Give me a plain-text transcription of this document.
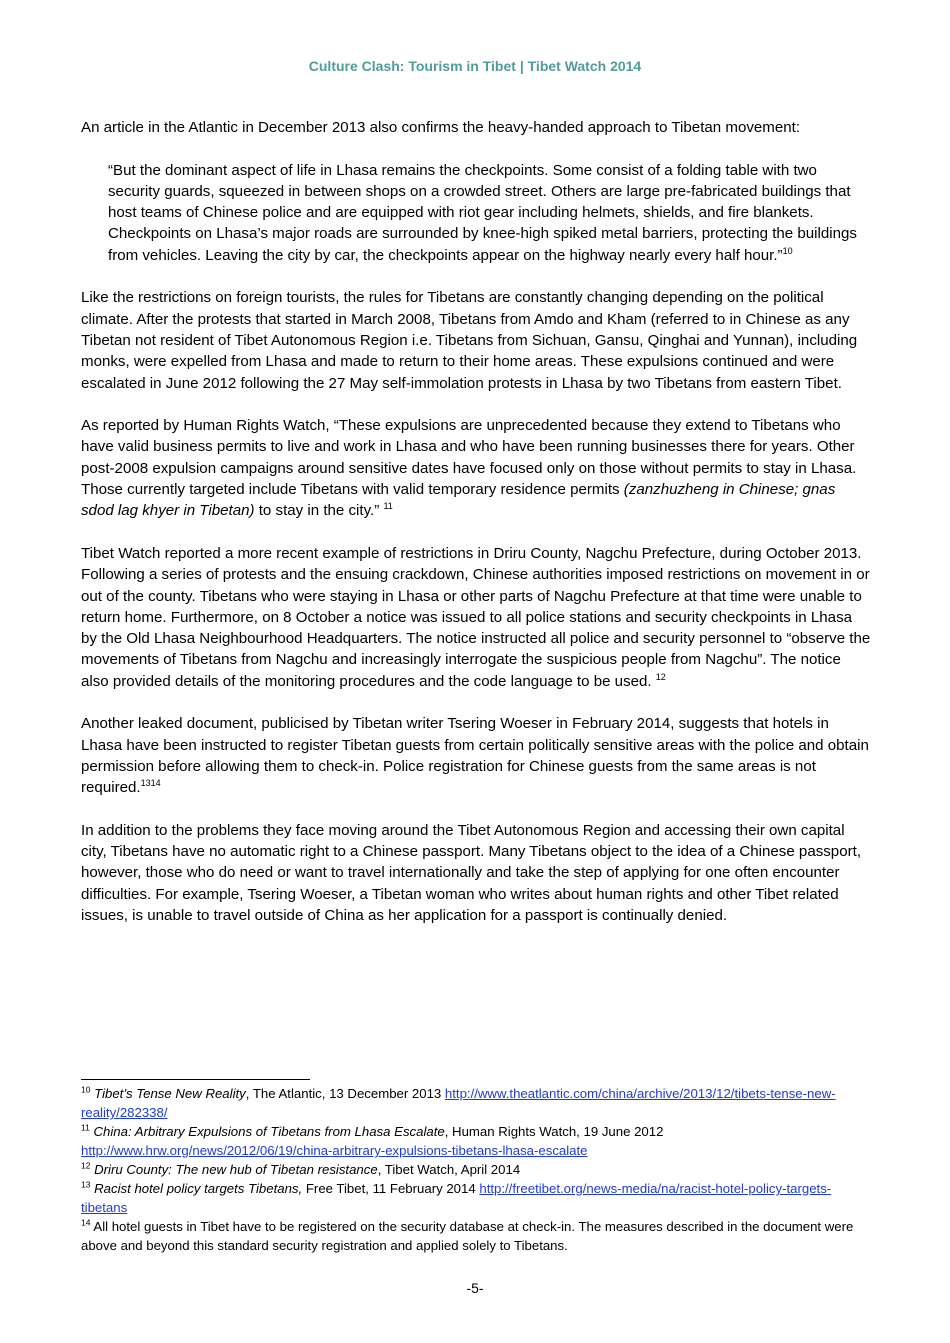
Culture Clash: Tourism in Tibet | Tibet Watch 2014

An article in the Atlantic in December 2013 also confirms the heavy-handed approach to Tibetan movement:

“But the dominant aspect of life in Lhasa remains the checkpoints. Some consist of a folding table with two security guards, squeezed in between shops on a crowded street. Others are large pre-fabricated buildings that host teams of Chinese police and are equipped with riot gear including helmets, shields, and fire blankets. Checkpoints on Lhasa’s major roads are surrounded by knee-high spiked metal barriers, protecting the buildings from vehicles. Leaving the city by car, the checkpoints appear on the highway nearly every half hour.”$^{10}$

Like the restrictions on foreign tourists, the rules for Tibetans are constantly changing depending on the political climate. After the protests that started in March 2008, Tibetans from Amdo and Kham (referred to in Chinese as any Tibetan not resident of Tibet Autonomous Region i.e. Tibetans from Sichuan, Gansu, Qinghai and Yunnan), including monks, were expelled from Lhasa and made to return to their home areas. These expulsions continued and were escalated in June 2012 following the 27 May self-immolation protests in Lhasa by two Tibetans from eastern Tibet.

As reported by Human Rights Watch, “These expulsions are unprecedented because they extend to Tibetans who have valid business permits to live and work in Lhasa and who have been running businesses there for years. Other post-2008 expulsion campaigns around sensitive dates have focused only on those without permits to stay in Lhasa. Those currently targeted include Tibetans with valid temporary residence permits (zanzhuzheng in Chinese; gnas sdod lag khyer in Tibetan) to stay in the city.” $^{11}$

Tibet Watch reported a more recent example of restrictions in Driru County, Nagchu Prefecture, during October 2013. Following a series of protests and the ensuing crackdown, Chinese authorities imposed restrictions on movement in or out of the county. Tibetans who were staying in Lhasa or other parts of Nagchu Prefecture at that time were unable to return home. Furthermore, on 8 October a notice was issued to all police stations and security checkpoints in Lhasa by the Old Lhasa Neighbourhood Headquarters. The notice instructed all police and security personnel to “observe the movements of Tibetans from Nagchu and increasingly interrogate the suspicious people from Nagchu”. The notice also provided details of the monitoring procedures and the code language to be used. $^{12}$

Another leaked document, publicised by Tibetan writer Tsering Woeser in February 2014, suggests that hotels in Lhasa have been instructed to register Tibetan guests from certain politically sensitive areas with the police and obtain permission before allowing them to check-in. Police registration for Chinese guests from the same areas is not required.$^{1314}$

In addition to the problems they face moving around the Tibet Autonomous Region and accessing their own capital city, Tibetans have no automatic right to a Chinese passport. Many Tibetans object to the idea of a Chinese passport, however, those who do need or want to travel internationally and take the step of applying for one often encounter difficulties. For example, Tsering Woeser, a Tibetan woman who writes about human rights and other Tibet related issues, is unable to travel outside of China as her application for a passport is continually denied.

$^{10}$ Tibet’s Tense New Reality, The Atlantic, 13 December 2013 http://www.theatlantic.com/china/archive/2013/12/tibets-tense-new-reality/282338/

$^{11}$ China: Arbitrary Expulsions of Tibetans from Lhasa Escalate, Human Rights Watch, 19 June 2012 http://www.hrw.org/news/2012/06/19/china-arbitrary-expulsions-tibetans-lhasa-escalate

$^{12}$ Driru County: The new hub of Tibetan resistance, Tibet Watch, April 2014

$^{13}$ Racist hotel policy targets Tibetans, Free Tibet, 11 February 2014 http://freetibet.org/news-media/na/racist-hotel-policy-targets-tibetans

$^{14}$ All hotel guests in Tibet have to be registered on the security database at check-in. The measures described in the document were above and beyond this standard security registration and applied solely to Tibetans.

-5-
